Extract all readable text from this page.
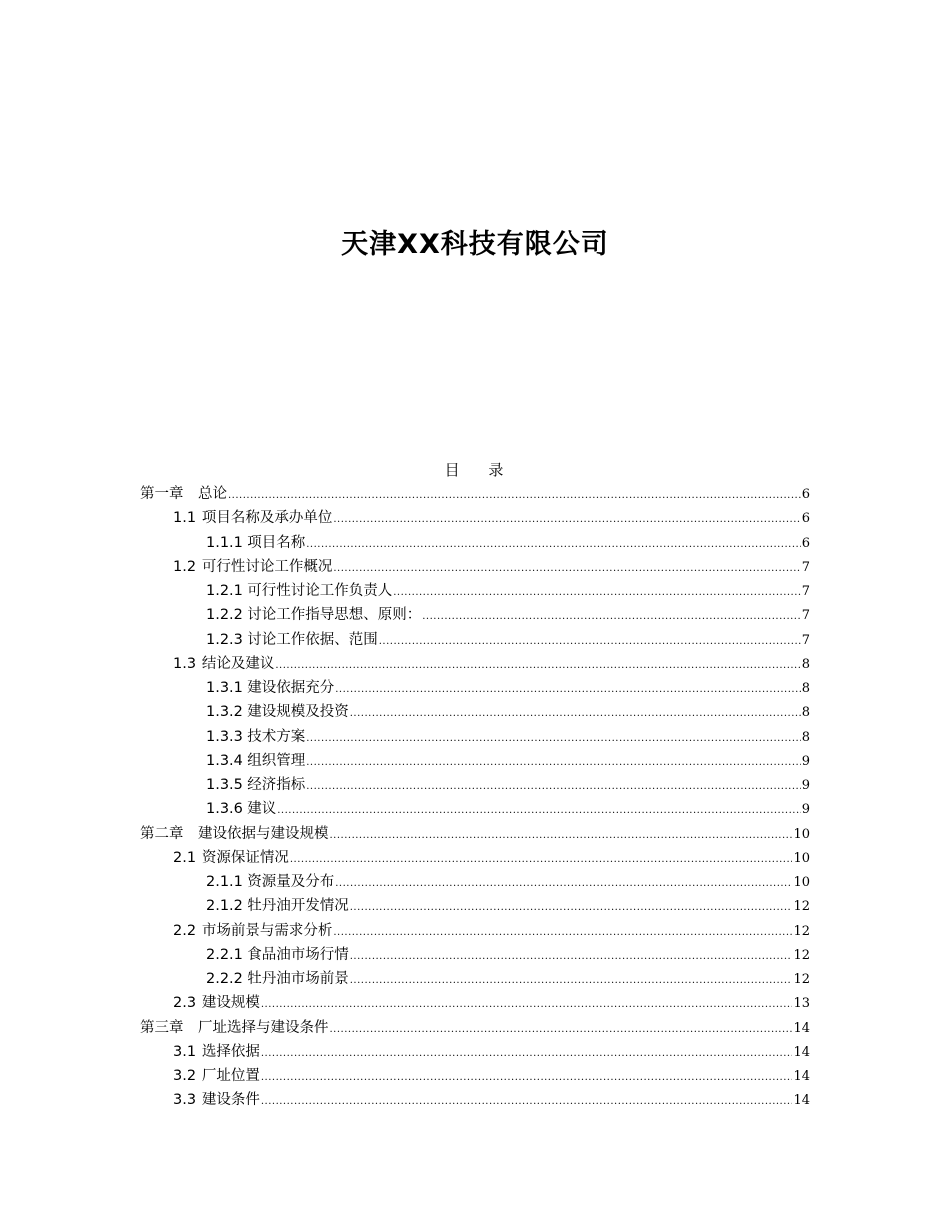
天津XX科技有限公司
目 录
第一章 总论 .....	6
1.1 项目名称及承办单位 .....	6
1.1.1 项目名称 .....	6
1.2 可行性讨论工作概况 .....	7
1.2.1 可行性讨论工作负责人 .....	7
1.2.2 讨论工作指导思想、原则： .....	7
1.2.3 讨论工作依据、范围 .....	7
1.3 结论及建议 .....	8
1.3.1 建设依据充分 .....	8
1.3.2 建设规模及投资 .....	8
1.3.3 技术方案 .....	8
1.3.4 组织管理 .....	9
1.3.5 经济指标 .....	9
1.3.6 建议 .....	9
第二章 建设依据与建设规模 .....	10
2.1 资源保证情况 .....	10
2.1.1 资源量及分布 .....	10
2.1.2 牡丹油开发情况 .....	12
2.2 市场前景与需求分析 .....	12
2.2.1 食品油市场行情 .....	12
2.2.2 牡丹油市场前景 .....	12
2.3 建设规模 .....	13
第三章 厂址选择与建设条件 .....	14
3.1 选择依据 .....	14
3.2 厂址位置 .....	14
3.3 建设条件 .....	14
